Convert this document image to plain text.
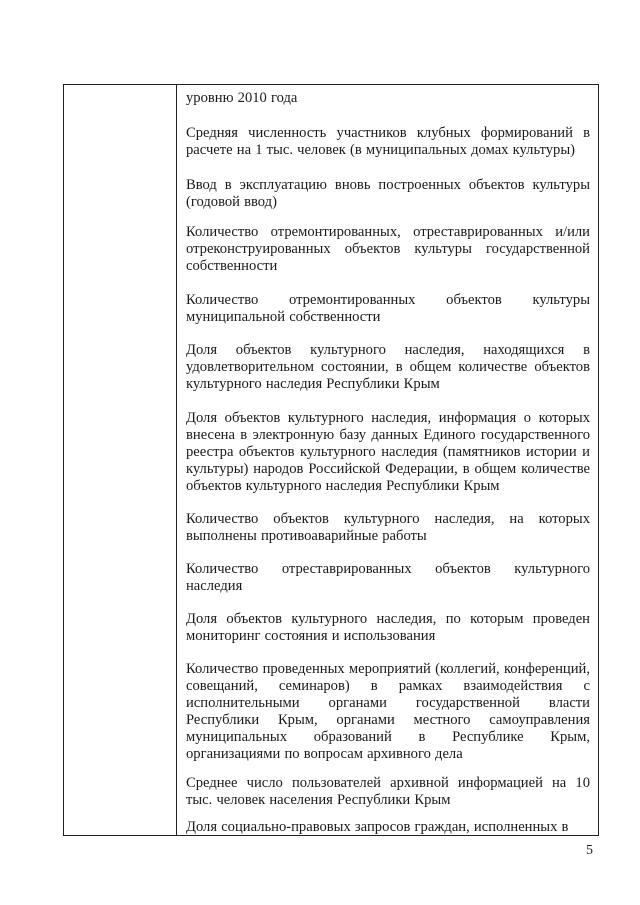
уровню 2010 года

Средняя численность участников клубных формирований в расчете на 1 тыс. человек (в муниципальных домах культуры)

Ввод в эксплуатацию вновь построенных объектов культуры (годовой ввод)

Количество отремонтированных, отреставрированных и/или отреконструированных объектов культуры государственной собственности

Количество отремонтированных объектов культуры муниципальной собственности

Доля объектов культурного наследия, находящихся в удовлетворительном состоянии, в общем количестве объектов культурного наследия Республики Крым

Доля объектов культурного наследия, информация о которых внесена в электронную базу данных Единого государственного реестра объектов культурного наследия (памятников истории и культуры) народов Российской Федерации, в общем количестве объектов культурного наследия Республики Крым

Количество объектов культурного наследия, на которых выполнены противоаварийные работы

Количество отреставрированных объектов культурного наследия

Доля объектов культурного наследия, по которым проведен мониторинг состояния и использования

Количество проведенных мероприятий (коллегий, конференций, совещаний, семинаров) в рамках взаимодействия с исполнительными органами государственной власти Республики Крым, органами местного самоуправления муниципальных образований в Республике Крым, организациями по вопросам архивного дела

Среднее число пользователей архивной информацией на 10 тыс. человек населения Республики Крым

Доля социально-правовых запросов граждан, исполненных в

5
